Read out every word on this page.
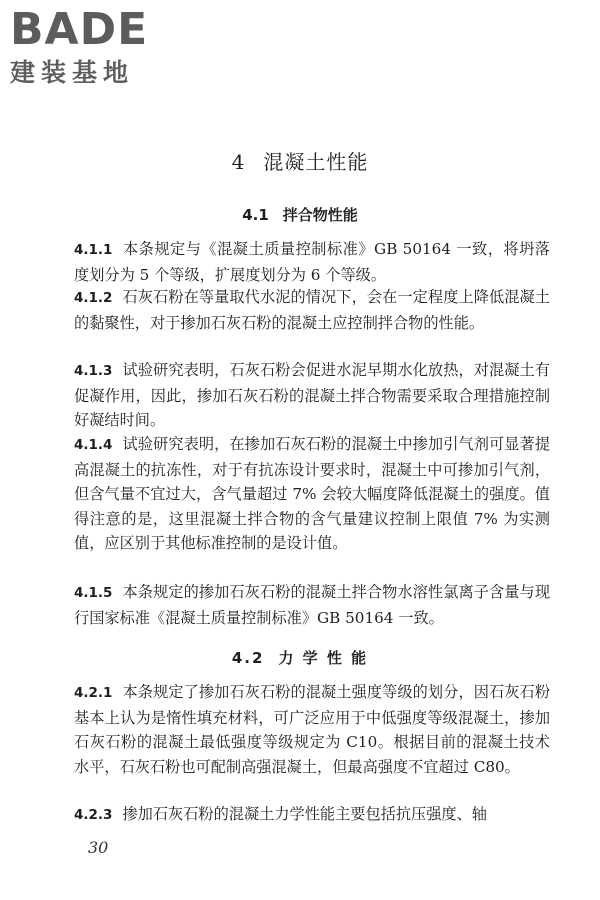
BADE
建装基地
4 混凝土性能
4.1 拌合物性能
4.1.1 本条规定与《混凝土质量控制标准》GB 50164 一致，将坍落度划分为 5 个等级，扩展度划分为 6 个等级。
4.1.2 石灰石粉在等量取代水泥的情况下，会在一定程度上降低混凝土的黏聚性，对于掺加石灰石粉的混凝土应控制拌合物的性能。
4.1.3 试验研究表明，石灰石粉会促进水泥早期水化放热，对混凝土有促凝作用，因此，掺加石灰石粉的混凝土拌合物需要采取合理措施控制好凝结时间。
4.1.4 试验研究表明，在掺加石灰石粉的混凝土中掺加引气剂可显著提高混凝土的抗冻性，对于有抗冻设计要求时，混凝土中可掺加引气剂，但含气量不宜过大，含气量超过 7% 会较大幅度降低混凝土的强度。值得注意的是，这里混凝土拌合物的含气量建议控制上限值 7% 为实测值，应区别于其他标准控制的是设计值。
4.1.5 本条规定的掺加石灰石粉的混凝土拌合物水溶性氯离子含量与现行国家标准《混凝土质量控制标准》GB 50164 一致。
4.2 力 学 性 能
4.2.1 本条规定了掺加石灰石粉的混凝土强度等级的划分，因石灰石粉基本上认为是惰性填充材料，可广泛应用于中低强度等级混凝土，掺加石灰石粉的混凝土最低强度等级规定为 C10。根据目前的混凝土技术水平，石灰石粉也可配制高强混凝土，但最高强度不宜超过 C80。
4.2.3 掺加石灰石粉的混凝土力学性能主要包括抗压强度、轴
30
